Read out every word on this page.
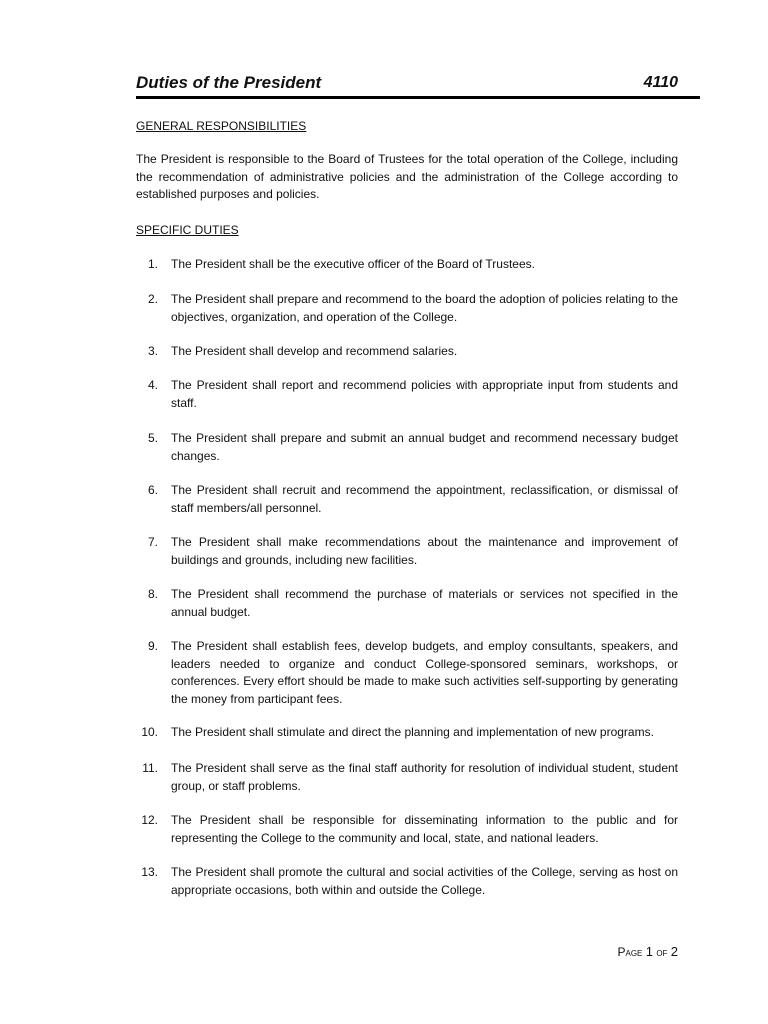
Duties of the President	4110
GENERAL RESPONSIBILITIES
The President is responsible to the Board of Trustees for the total operation of the College, including the recommendation of administrative policies and the administration of the College according to established purposes and policies.
SPECIFIC DUTIES
1. The President shall be the executive officer of the Board of Trustees.
2. The President shall prepare and recommend to the board the adoption of policies relating to the objectives, organization, and operation of the College.
3. The President shall develop and recommend salaries.
4. The President shall report and recommend policies with appropriate input from students and staff.
5. The President shall prepare and submit an annual budget and recommend necessary budget changes.
6. The President shall recruit and recommend the appointment, reclassification, or dismissal of staff members/all personnel.
7. The President shall make recommendations about the maintenance and improvement of buildings and grounds, including new facilities.
8. The President shall recommend the purchase of materials or services not specified in the annual budget.
9. The President shall establish fees, develop budgets, and employ consultants, speakers, and leaders needed to organize and conduct College-sponsored seminars, workshops, or conferences. Every effort should be made to make such activities self-supporting by generating the money from participant fees.
10. The President shall stimulate and direct the planning and implementation of new programs.
11. The President shall serve as the final staff authority for resolution of individual student, student group, or staff problems.
12. The President shall be responsible for disseminating information to the public and for representing the College to the community and local, state, and national leaders.
13. The President shall promote the cultural and social activities of the College, serving as host on appropriate occasions, both within and outside the College.
Page 1 of 2
